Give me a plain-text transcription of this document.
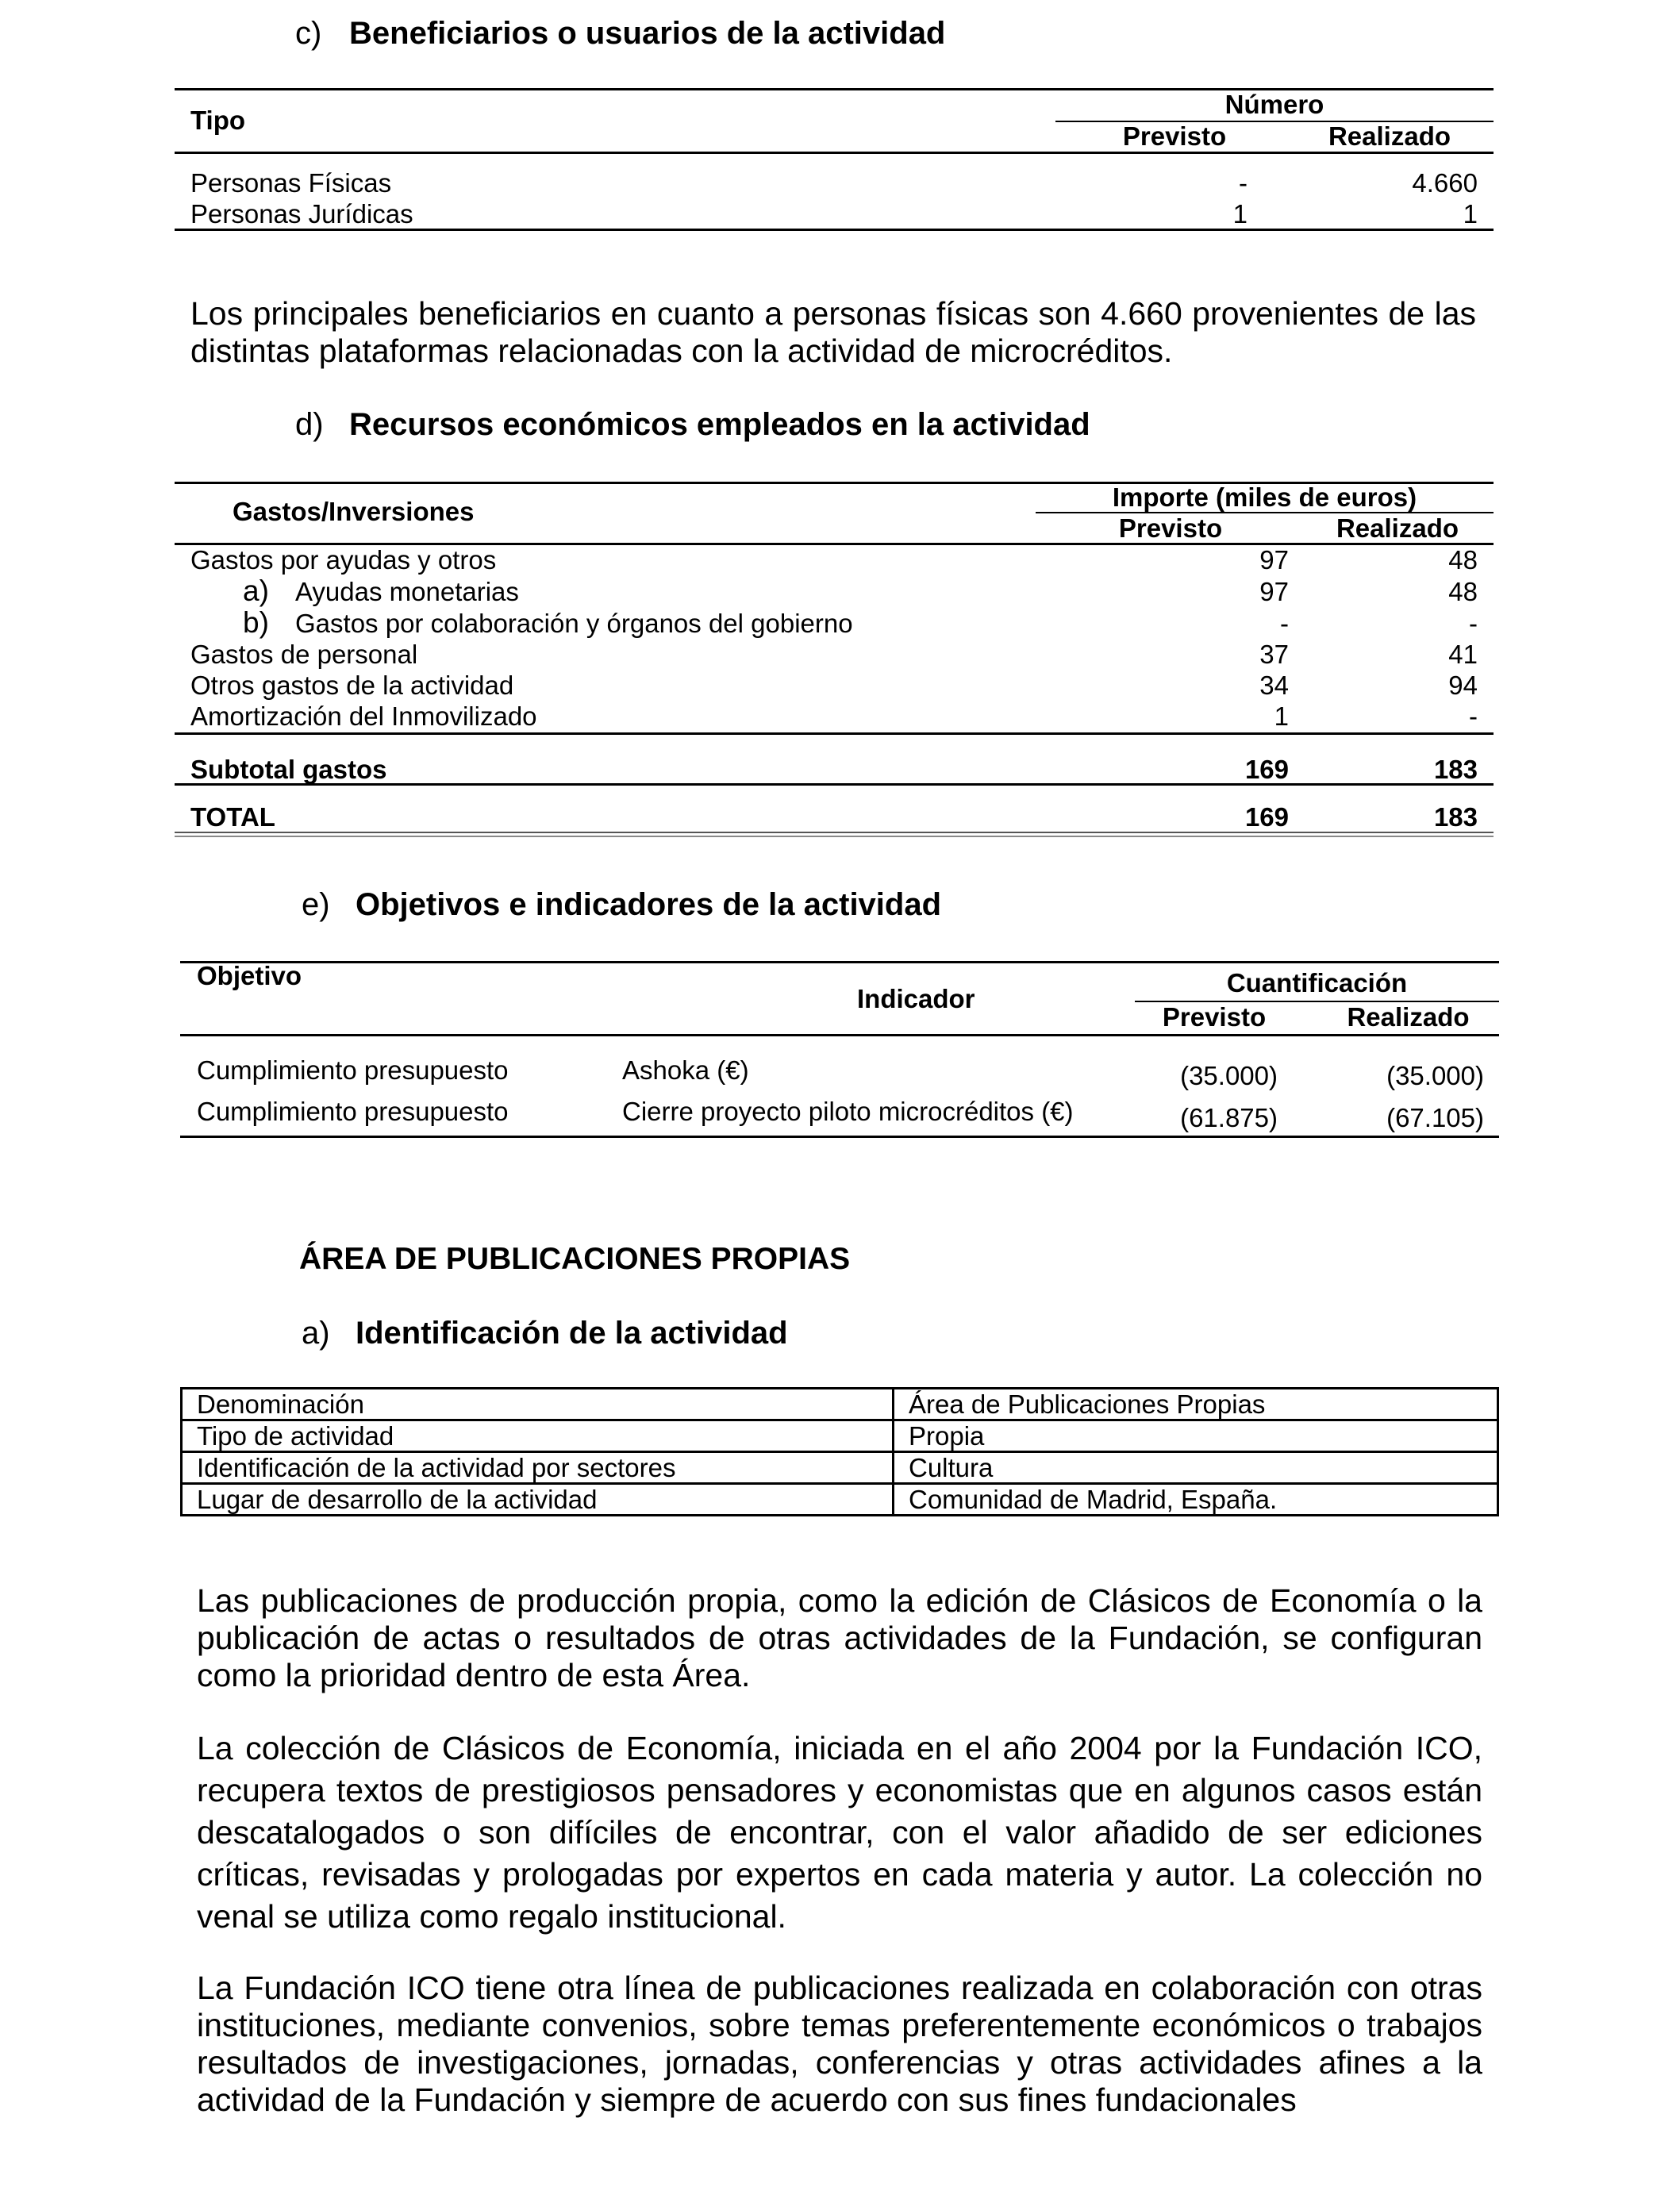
c) Beneficiarios o usuarios de la actividad
Tipo
Número
Previsto	Realizado
Personas Físicas	-	4.660
Personas Jurídicas	1	1
Los principales beneficiarios en cuanto a personas físicas son 4.660 provenientes de las distintas plataformas relacionadas con la actividad de microcréditos.
d) Recursos económicos empleados en la actividad
Gastos/Inversiones	Importe (miles de euros)
Previsto	Realizado
Gastos por ayudas y otros	97	48
a) Ayudas monetarias	97	48
b) Gastos por colaboración y órganos del gobierno	-	-
Gastos de personal	37	41
Otros gastos de la actividad	34	94
Amortización del Inmovilizado	1	-
Subtotal gastos	169	183
TOTAL	169	183
e) Objetivos e indicadores de la actividad
Objetivo
Indicador
Cuantificación
Previsto	Realizado
Cumplimiento presupuesto	Ashoka (€)	(35.000)	(35.000)
Cumplimiento presupuesto	Cierre proyecto piloto microcréditos (€)	(61.875)	(67.105)
ÁREA DE PUBLICACIONES PROPIAS
a) Identificación de la actividad
Denominación	Área de Publicaciones Propias
Tipo de actividad	Propia
Identificación de la actividad por sectores	Cultura
Lugar de desarrollo de la actividad	Comunidad de Madrid, España.
Las publicaciones de producción propia, como la edición de Clásicos de Economía o la publicación de actas o resultados de otras actividades de la Fundación, se configuran como la prioridad dentro de esta Área.
La colección de Clásicos de Economía, iniciada en el año 2004 por la Fundación ICO, recupera textos de prestigiosos pensadores y economistas que en algunos casos están descatalogados o son difíciles de encontrar, con el valor añadido de ser ediciones críticas, revisadas y prologadas por expertos en cada materia y autor. La colección no venal se utiliza como regalo institucional.
La Fundación ICO tiene otra línea de publicaciones realizada en colaboración con otras instituciones, mediante convenios, sobre temas preferentemente económicos o trabajos resultados de investigaciones, jornadas, conferencias y otras actividades afines a la actividad de la Fundación y siempre de acuerdo con sus fines fundacionales
